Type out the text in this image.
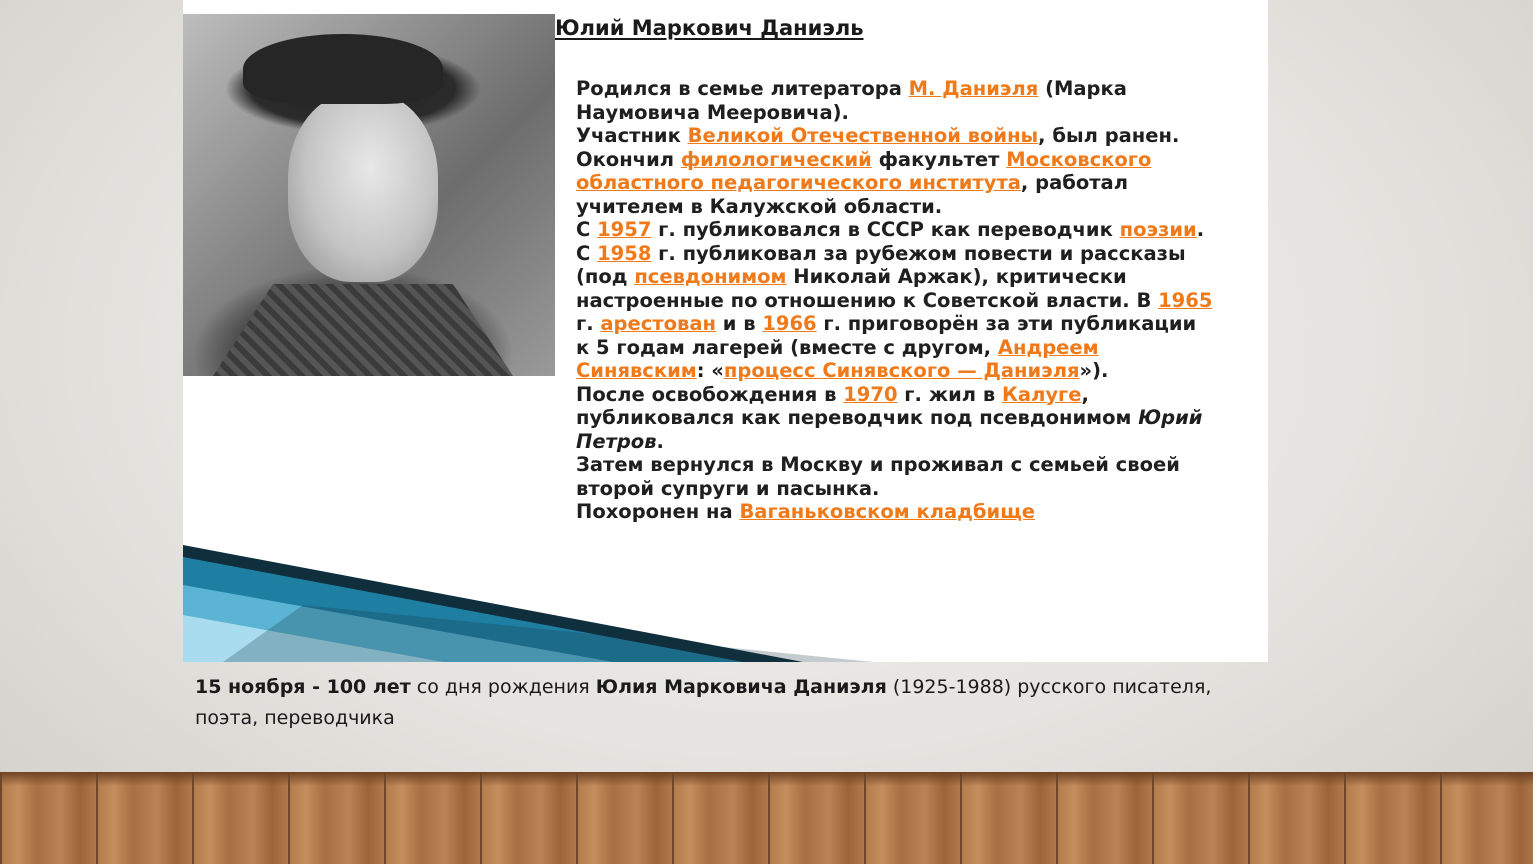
Юлий Маркович Даниэль

Родился в семье литератора М. Даниэля (Марка Наумовича Мееровича).

Участник Великой Отечественной войны, был ранен.

Окончил филологический факультет Московского областного педагогического института, работал учителем в Калужской области.

С 1957 г. публиковался в СССР как переводчик поэзии.

С 1958 г. публиковал за рубежом повести и рассказы (под псевдонимом Николай Аржак), критически настроенные по отношению к Советской власти. В 1965 г. арестован и в 1966 г. приговорён за эти публикации к 5 годам лагерей (вместе с другом, Андреем Синявским: «процесс Синявского — Даниэля»).

После освобождения в 1970 г. жил в Калуге, публиковался как переводчик под псевдонимом Юрий Петров.

Затем вернулся в Москву и проживал с семьей своей второй супруги и пасынка.

Похоронен на Ваганьковском кладбище

15 ноября - 100 лет со дня рождения Юлия Марковича Даниэля (1925-1988) русского писателя, поэта, переводчика
